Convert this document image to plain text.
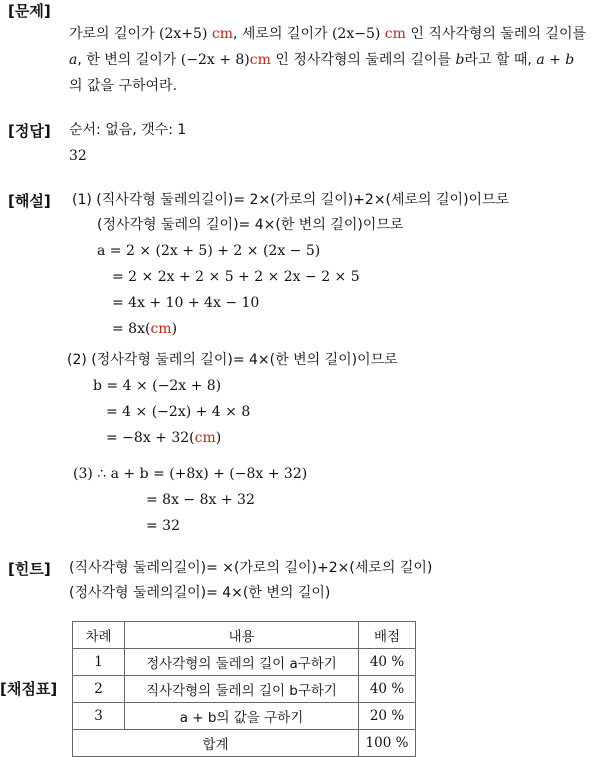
[문제]
[정답]
[해설]
[힌트]
[채점표]
가로의 길이가 (2x+5) cm, 세로의 길이가 (2x−5) cm 인 직사각형의 둘레의 길이를
a, 한 변의 길이가 (−2x + 8)cm 인 정사각형의 둘레의 길이를 b라고 할 때, a + b
의 값을 구하여라.
순서: 없음, 갯수: 1
32
(1) (직사각형 둘레의길이)= 2×(가로의 길이)+2×(세로의 길이)이므로
(정사각형 둘레의 길이)= 4×(한 변의 길이)이므로
a = 2 × (2x + 5) + 2 × (2x − 5)
= 2 × 2x + 2 × 5 + 2 × 2x − 2 × 5
= 4x + 10 + 4x − 10
= 8x(cm)
(2) (정사각형 둘레의 길이)= 4×(한 변의 길이)이므로
b = 4 × (−2x + 8)
= 4 × (−2x) + 4 × 8
= −8x + 32(cm)
(3) ∴ a + b = (+8x) + (−8x + 32)
= 8x − 8x + 32
= 32
(직사각형 둘레의길이)= ×(가로의 길이)+2×(세로의 길이)
(정사각형 둘레의길이)= 4×(한 변의 길이)
차례	내용	배점
1	정사각형의 둘레의 길이 a구하기	40 %
2	직사각형의 둘레의 길이 b구하기	40 %
3	a + b의 값을 구하기	20 %
합계		100 %
